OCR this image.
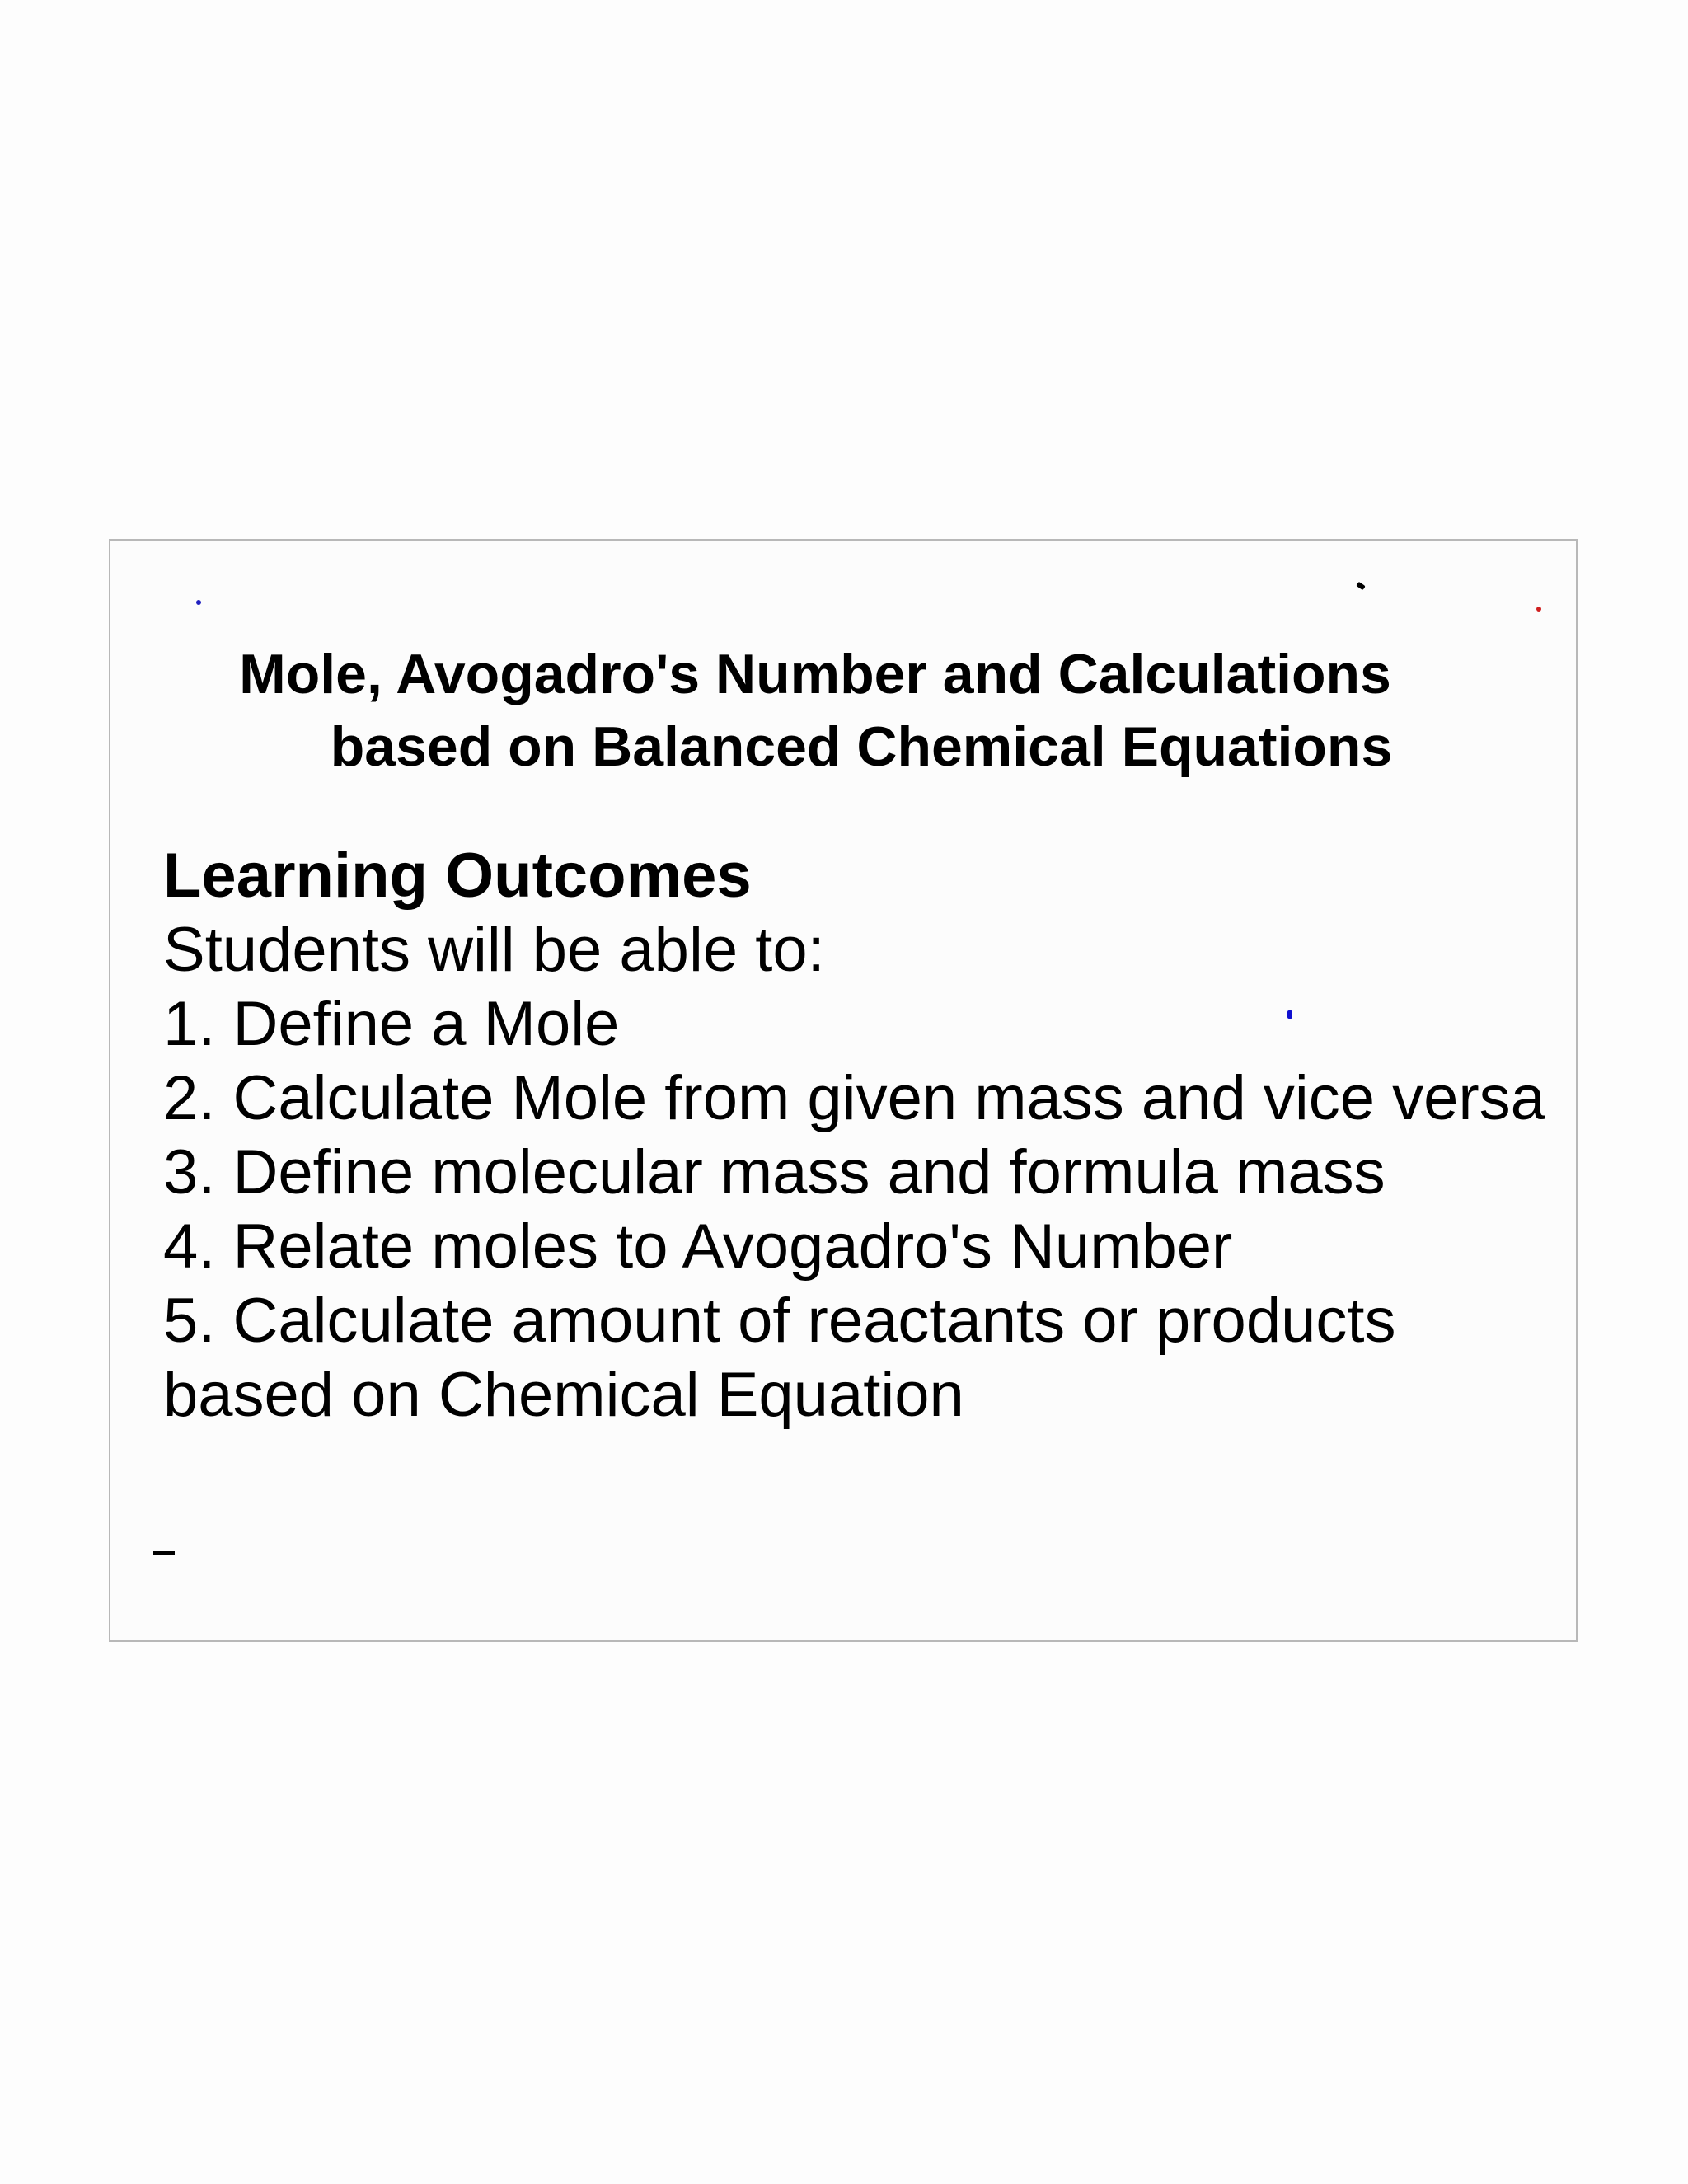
Mole, Avogadro's Number and Calculations
based on Balanced Chemical Equations
Learning Outcomes
Students will be able to:
1. Define a Mole
2. Calculate Mole from given mass and vice versa
3. Define molecular mass and formula mass
4. Relate moles to Avogadro's Number
5. Calculate amount of reactants or products
based on Chemical Equation
